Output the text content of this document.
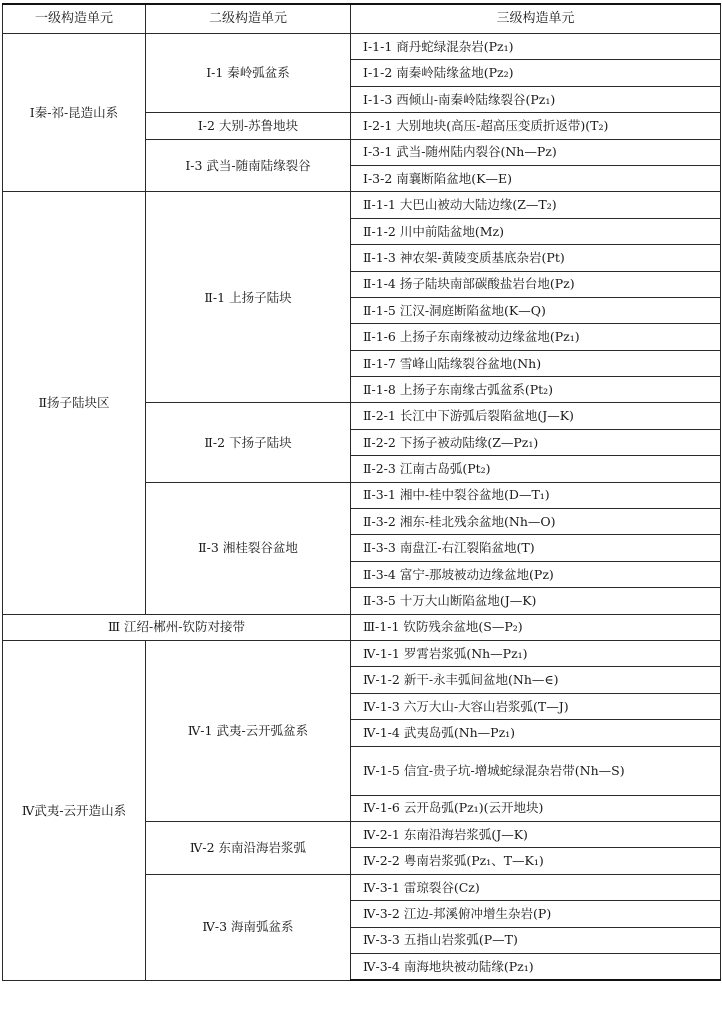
一级构造单元	二级构造单元	三级构造单元
Ⅰ秦-祁-昆造山系	Ⅰ-1 秦岭弧盆系	Ⅰ-1-1 商丹蛇绿混杂岩(Pz₁)
		Ⅰ-1-2 南秦岭陆缘盆地(Pz₂)
		Ⅰ-1-3 西倾山-南秦岭陆缘裂谷(Pz₁)
	Ⅰ-2 大别-苏鲁地块	Ⅰ-2-1 大别地块(高压-超高压变质折返带)(T₂)
	Ⅰ-3 武当-随南陆缘裂谷	Ⅰ-3-1 武当-随州陆内裂谷(Nh—Pz)
		Ⅰ-3-2 南襄断陷盆地(K—E)
Ⅱ扬子陆块区	Ⅱ-1 上扬子陆块	Ⅱ-1-1 大巴山被动大陆边缘(Z—T₂)
		Ⅱ-1-2 川中前陆盆地(Mz)
		Ⅱ-1-3 神农架-黄陵变质基底杂岩(Pt)
		Ⅱ-1-4 扬子陆块南部碳酸盐岩台地(Pz)
		Ⅱ-1-5 江汉-洞庭断陷盆地(K—Q)
		Ⅱ-1-6 上扬子东南缘被动边缘盆地(Pz₁)
		Ⅱ-1-7 雪峰山陆缘裂谷盆地(Nh)
		Ⅱ-1-8 上扬子东南缘古弧盆系(Pt₂)
	Ⅱ-2 下扬子陆块	Ⅱ-2-1 长江中下游弧后裂陷盆地(J—K)
		Ⅱ-2-2 下扬子被动陆缘(Z—Pz₁)
		Ⅱ-2-3 江南古岛弧(Pt₂)
	Ⅱ-3 湘桂裂谷盆地	Ⅱ-3-1 湘中-桂中裂谷盆地(D—T₁)
		Ⅱ-3-2 湘东-桂北残余盆地(Nh—O)
		Ⅱ-3-3 南盘江-右江裂陷盆地(T)
		Ⅱ-3-4 富宁-那坡被动边缘盆地(Pz)
		Ⅱ-3-5 十万大山断陷盆地(J—K)
Ⅲ 江绍-郴州-钦防对接带		Ⅲ-1-1 钦防残余盆地(S—P₂)
Ⅳ武夷-云开造山系	Ⅳ-1 武夷-云开弧盆系	Ⅳ-1-1 罗霄岩浆弧(Nh—Pz₁)
		Ⅳ-1-2 新干-永丰弧间盆地(Nh—∈)
		Ⅳ-1-3 六万大山-大容山岩浆弧(T—J)
		Ⅳ-1-4 武夷岛弧(Nh—Pz₁)
		Ⅳ-1-5 信宜-贵子坑-增城蛇绿混杂岩带(Nh—S)
		Ⅳ-1-6 云开岛弧(Pz₁)(云开地块)
	Ⅳ-2 东南沿海岩浆弧	Ⅳ-2-1 东南沿海岩浆弧(J—K)
		Ⅳ-2-2 粤南岩浆弧(Pz₁、T—K₁)
	Ⅳ-3 海南弧盆系	Ⅳ-3-1 雷琼裂谷(Cz)
		Ⅳ-3-2 江边-邦溪俯冲增生杂岩(P)
		Ⅳ-3-3 五指山岩浆弧(P—T)
		Ⅳ-3-4 南海地块被动陆缘(Pz₁)
